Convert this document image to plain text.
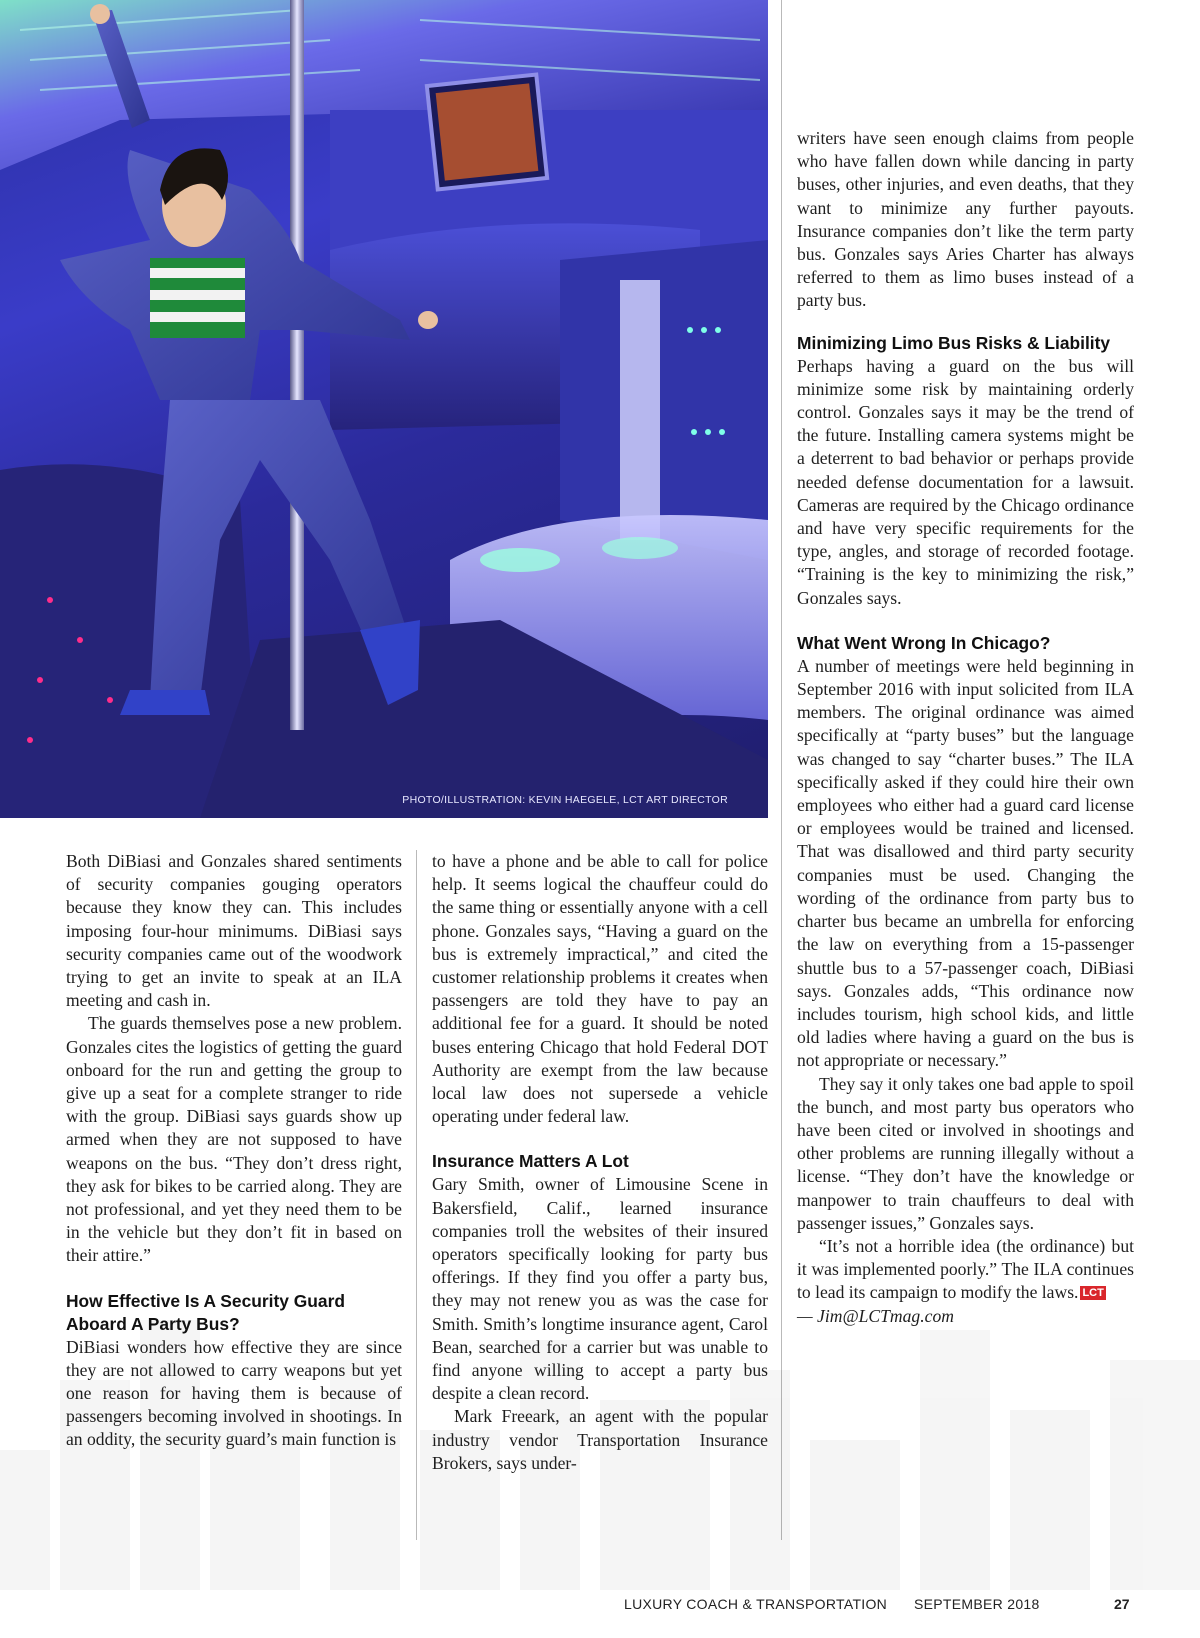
PHOTO/ILLUSTRATION: KEVIN HAEGELE, LCT ART DIRECTOR

Both DiBiasi and Gonzales shared sentiments of security companies gouging operators because they know they can. This includes imposing four-hour minimums. DiBiasi says security companies came out of the woodwork trying to get an invite to speak at an ILA meeting and cash in.

The guards themselves pose a new problem. Gonzales cites the logistics of getting the guard onboard for the run and getting the group to give up a seat for a complete stranger to ride with the group. DiBiasi says guards show up armed when they are not supposed to have weapons on the bus. “They don’t dress right, they ask for bikes to be carried along. They are not professional, and yet they need them to be in the vehicle but they don’t fit in based on their attire.”

How Effective Is A Security Guard Aboard A Party Bus?

DiBiasi wonders how effective they are since they are not allowed to carry weapons but yet one reason for having them is because of passengers becoming involved in shootings. In an oddity, the security guard’s main function is

to have a phone and be able to call for police help. It seems logical the chauffeur could do the same thing or essentially anyone with a cell phone. Gonzales says, “Having a guard on the bus is extremely impractical,” and cited the customer relationship problems it creates when passengers are told they have to pay an additional fee for a guard. It should be noted buses entering Chicago that hold Federal DOT Authority are exempt from the law because local law does not supersede a vehicle operating under federal law.

Insurance Matters A Lot

Gary Smith, owner of Limousine Scene in Bakersfield, Calif., learned insurance companies troll the websites of their insured operators specifically looking for party bus offerings. If they find you offer a party bus, they may not renew you as was the case for Smith. Smith’s longtime insurance agent, Carol Bean, searched for a carrier but was unable to find anyone willing to accept a party bus despite a clean record.

Mark Freeark, an agent with the popular industry vendor Transportation Insurance Brokers, says under-

writers have seen enough claims from people who have fallen down while dancing in party buses, other injuries, and even deaths, that they want to minimize any further payouts. Insurance companies don’t like the term party bus. Gonzales says Aries Charter has always referred to them as limo buses instead of a party bus.

Minimizing Limo Bus Risks & Liability

Perhaps having a guard on the bus will minimize some risk by maintaining orderly control. Gonzales says it may be the trend of the future. Installing camera systems might be a deterrent to bad behavior or perhaps provide needed defense documentation for a lawsuit. Cameras are required by the Chicago ordinance and have very specific requirements for the type, angles, and storage of recorded footage. “Training is the key to minimizing the risk,” Gonzales says.

What Went Wrong In Chicago?

A number of meetings were held beginning in September 2016 with input solicited from ILA members. The original ordinance was aimed specifically at “party buses” but the language was changed to say “charter buses.” The ILA specifically asked if they could hire their own employees who either had a guard card license or employees would be trained and licensed. That was disallowed and third party security companies must be used. Changing the wording of the ordinance from party bus to charter bus became an umbrella for enforcing the law on everything from a 15-passenger shuttle bus to a 57-passenger coach, DiBiasi says. Gonzales adds, “This ordinance now includes tourism, high school kids, and little old ladies where having a guard on the bus is not appropriate or necessary.”

They say it only takes one bad apple to spoil the bunch, and most party bus operators who have been cited or involved in shootings and other problems are running illegally without a license. “They don’t have the knowledge or manpower to train chauffeurs to deal with passenger issues,” Gonzales says.

“It’s not a horrible idea (the ordinance) but it was implemented poorly.” The ILA continues to lead its campaign to modify the laws. LCT

— Jim@LCTmag.com

LUXURY COACH & TRANSPORTATION SEPTEMBER 2018	27
